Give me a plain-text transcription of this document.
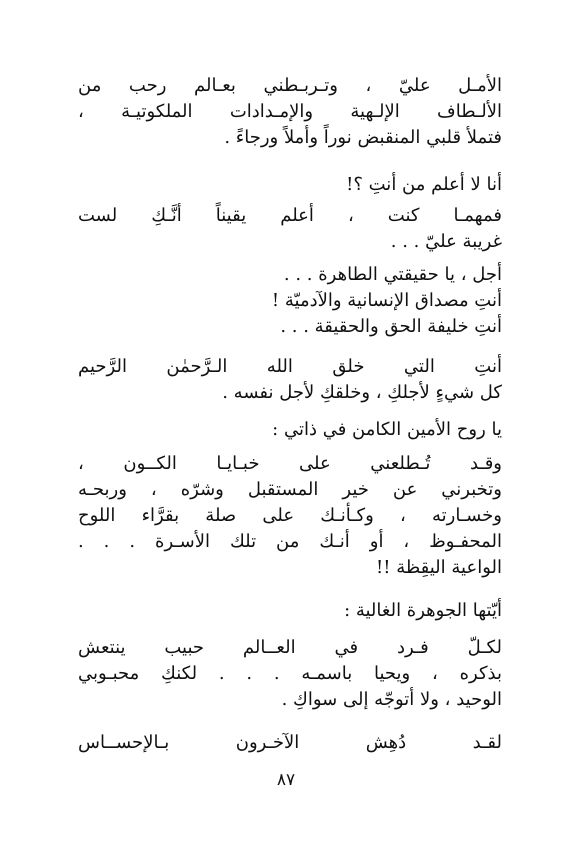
الأمـل عليّ ، وتـربـطني بعـالم رحب من
الألـطاف الإلـهية والإمـدادات الملكوتيـة ،
فتملأ قلبي المنقبض نوراً وأملاً ورجاءً .
أنا لا أعلم من أنتِ ؟!
فمهمـا كنت ، أعلم يقيناً أنَّـكِ لست
غريبة عليّ . . .
أجل ، يا حقيقتي الطاهرة . . .
أنتِ مصداق الإنسانية والآدميّة !
أنتِ خليفة الحق والحقيقة . . .
أنتِ التي خلق الله الـرَّحمٰن الرَّحيم
كل شيءٍ لأجلكِ ، وخلقكِ لأجل نفسه .
يا روح الأمين الكامن في ذاتي :
وقـد تُـطلعني على خبـايـا الكــون ،
وتخبرني عن خير المستقبل وشرّه ، وربحـه
وخسـارته ، وكـأنـك على صلة بقرَّاء اللوح
المحفـوظ ، أو أنـك من تلك الأسـرة . . .
الواعية اليقِظة !!
أيّتها الجوهرة الغالية :
لكـلّ فـرد في العــالم حبيب ينتعش
بذكره ، ويحيا باسمـه . . . لكنكِ محبـوبي
الوحيد ، ولا أتوجّه إلى سواكِ .
لقـد دُهِش الآخـرون بـالإحســاس
٨٧
